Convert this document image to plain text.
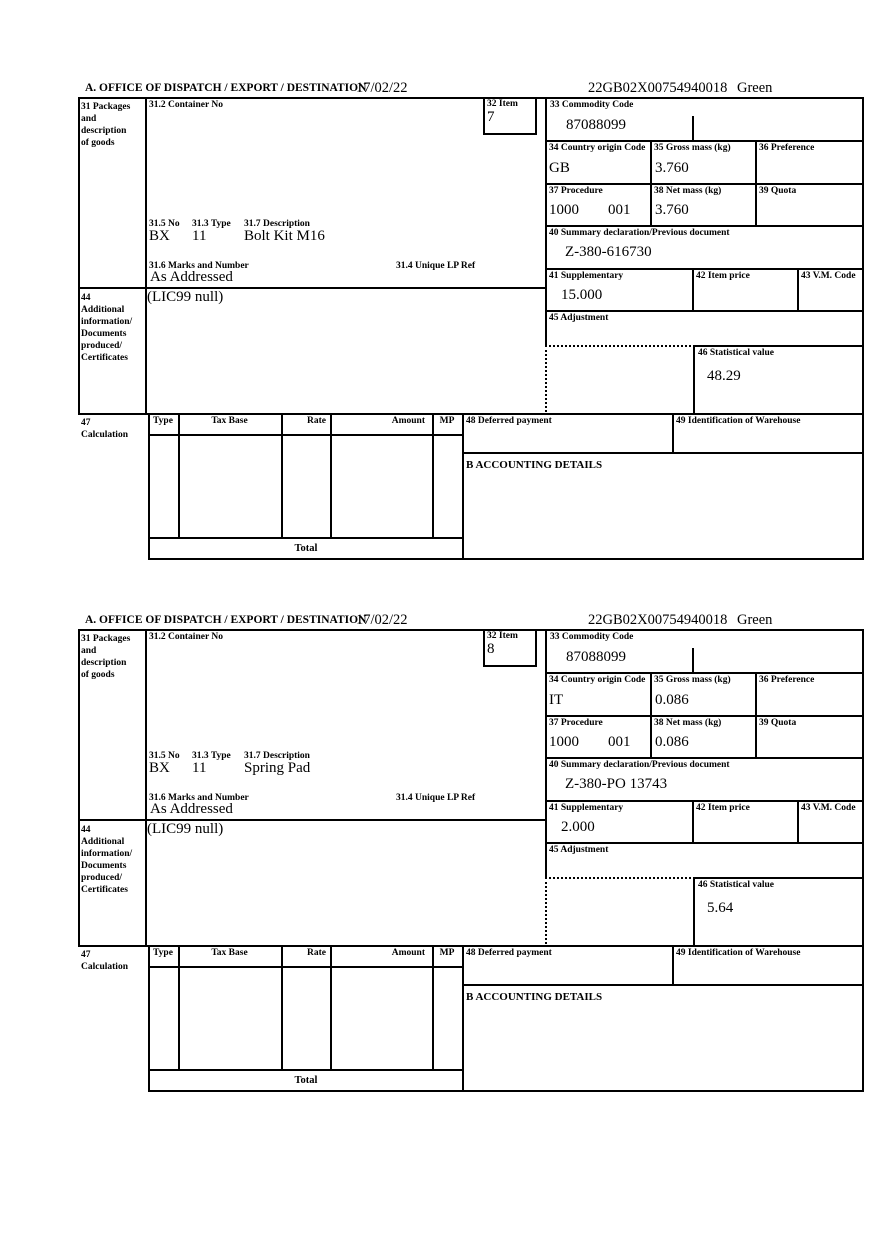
A. OFFICE OF DISPATCH / EXPORT / DESTINATION
17/02/22	22GB02X00754940018 Green
31 Packages
and
description
of goods
44
Additional
information/
Documents
produced/
Certificates
47
Calculation
31.2 Container No	32 Item
7
31.5 No 31.3 Type 31.7 Description
BX 11	Bolt Kit M16
31.6 Marks and Number	31.4 Unique LP Ref
As Addressed
(LIC99 null)
33 Commodity Code
87088099
34 Country origin Code
GB
35 Gross mass (kg)
3.760
36 Preference
37 Procedure
1000 001
38 Net mass (kg)
3.760
39 Quota
40 Summary declaration/Previous document
Z-380-616730
41 Supplementary
15.000
42 Item price	43 V.M. Code
45 Adjustment
46 Statistical value
48.29
Type	Tax Base	Rate	Amount	MP	48 Deferred payment	49 Identification of Warehouse
B ACCOUNTING DETAILS
Total
A. OFFICE OF DISPATCH / EXPORT / DESTINATION
17/02/22	22GB02X00754940018 Green
31 Packages
and
description
of goods
44
Additional
information/
Documents
produced/
Certificates
47
Calculation
31.2 Container No	32 Item
8
31.5 No 31.3 Type 31.7 Description
BX 11	Spring Pad
31.6 Marks and Number	31.4 Unique LP Ref
As Addressed
(LIC99 null)
33 Commodity Code
87088099
34 Country origin Code
IT
35 Gross mass (kg)
0.086
36 Preference
37 Procedure
1000 001
38 Net mass (kg)
0.086
39 Quota
40 Summary declaration/Previous document
Z-380-PO 13743
41 Supplementary
2.000
42 Item price	43 V.M. Code
45 Adjustment
46 Statistical value
5.64
Type	Tax Base	Rate	Amount	MP	48 Deferred payment	49 Identification of Warehouse
B ACCOUNTING DETAILS
Total
